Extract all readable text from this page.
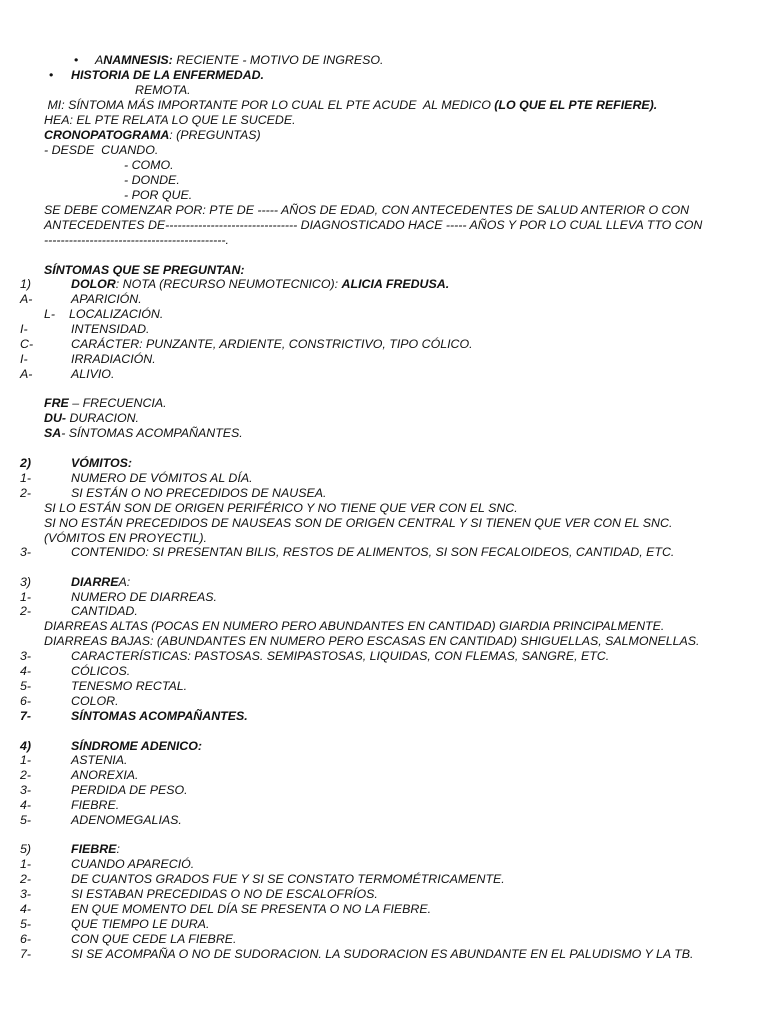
• ANAMNESIS: RECIENTE - MOTIVO DE INGRESO.
• HISTORIA DE LA ENFERMEDAD.
REMOTA.
MI: SÍNTOMA MÁS IMPORTANTE POR LO CUAL EL PTE ACUDE  AL MEDICO (LO QUE EL PTE REFIERE).
HEA: EL PTE RELATA LO QUE LE SUCEDE.
CRONOPATOGRAMA: (PREGUNTAS)
- DESDE  CUANDO.
- COMO.
- DONDE.
- POR QUE.
SE DEBE COMENZAR POR: PTE DE ----- AÑOS DE EDAD, CON ANTECEDENTES DE SALUD ANTERIOR O CON
ANTECEDENTES DE-------------------------------- DIAGNOSTICADO HACE ----- AÑOS Y POR LO CUAL LLEVA TTO CON
--------------------------------------------.
SÍNTOMAS QUE SE PREGUNTAN:
1)	DOLOR: NOTA (RECURSO NEUMOTECNICO): ALICIA FREDUSA.
A-	APARICIÓN.
L- LOCALIZACIÓN.
I-	INTENSIDAD.
C-	CARÁCTER: PUNZANTE, ARDIENTE, CONSTRICTIVO, TIPO CÓLICO.
I-	IRRADIACIÓN.
A-	ALIVIO.
FRE – FRECUENCIA.
DU- DURACION.
SA- SÍNTOMAS ACOMPAÑANTES.
2)	VÓMITOS:
1-	NUMERO DE VÓMITOS AL DÍA.
2-	SI ESTÁN O NO PRECEDIDOS DE NAUSEA.
SI LO ESTÁN SON DE ORIGEN PERIFÉRICO Y NO TIENE QUE VER CON EL SNC.
SI NO ESTÁN PRECEDIDOS DE NAUSEAS SON DE ORIGEN CENTRAL Y SI TIENEN QUE VER CON EL SNC.
(VÓMITOS EN PROYECTIL).
3-	CONTENIDO: SI PRESENTAN BILIS, RESTOS DE ALIMENTOS, SI SON FECALOIDEOS, CANTIDAD, ETC.
3)	DIARREA:
1-	NUMERO DE DIARREAS.
2-	CANTIDAD.
DIARREAS ALTAS (POCAS EN NUMERO PERO ABUNDANTES EN CANTIDAD) GIARDIA PRINCIPALMENTE.
DIARREAS BAJAS: (ABUNDANTES EN NUMERO PERO ESCASAS EN CANTIDAD) SHIGUELLAS, SALMONELLAS.
3-	CARACTERÍSTICAS: PASTOSAS. SEMIPASTOSAS, LIQUIDAS, CON FLEMAS, SANGRE, ETC.
4-	CÓLICOS.
5-	TENESMO RECTAL.
6-	COLOR.
7-	SÍNTOMAS ACOMPAÑANTES.
4)	SÍNDROME ADENICO:
1-	ASTENIA.
2-	ANOREXIA.
3-	PERDIDA DE PESO.
4-	FIEBRE.
5-	ADENOMEGALIAS.
5)	FIEBRE:
1-	CUANDO APARECIÓ.
2-	DE CUANTOS GRADOS FUE Y SI SE CONSTATO TERMOMÉTRICAMENTE.
3-	SI ESTABAN PRECEDIDAS O NO DE ESCALOFRÍOS.
4-	EN QUE MOMENTO DEL DÍA SE PRESENTA O NO LA FIEBRE.
5-	QUE TIEMPO LE DURA.
6-	CON QUE CEDE LA FIEBRE.
7-	SI SE ACOMPAÑA O NO DE SUDORACION. LA SUDORACION ES ABUNDANTE EN EL PALUDISMO Y LA TB.
